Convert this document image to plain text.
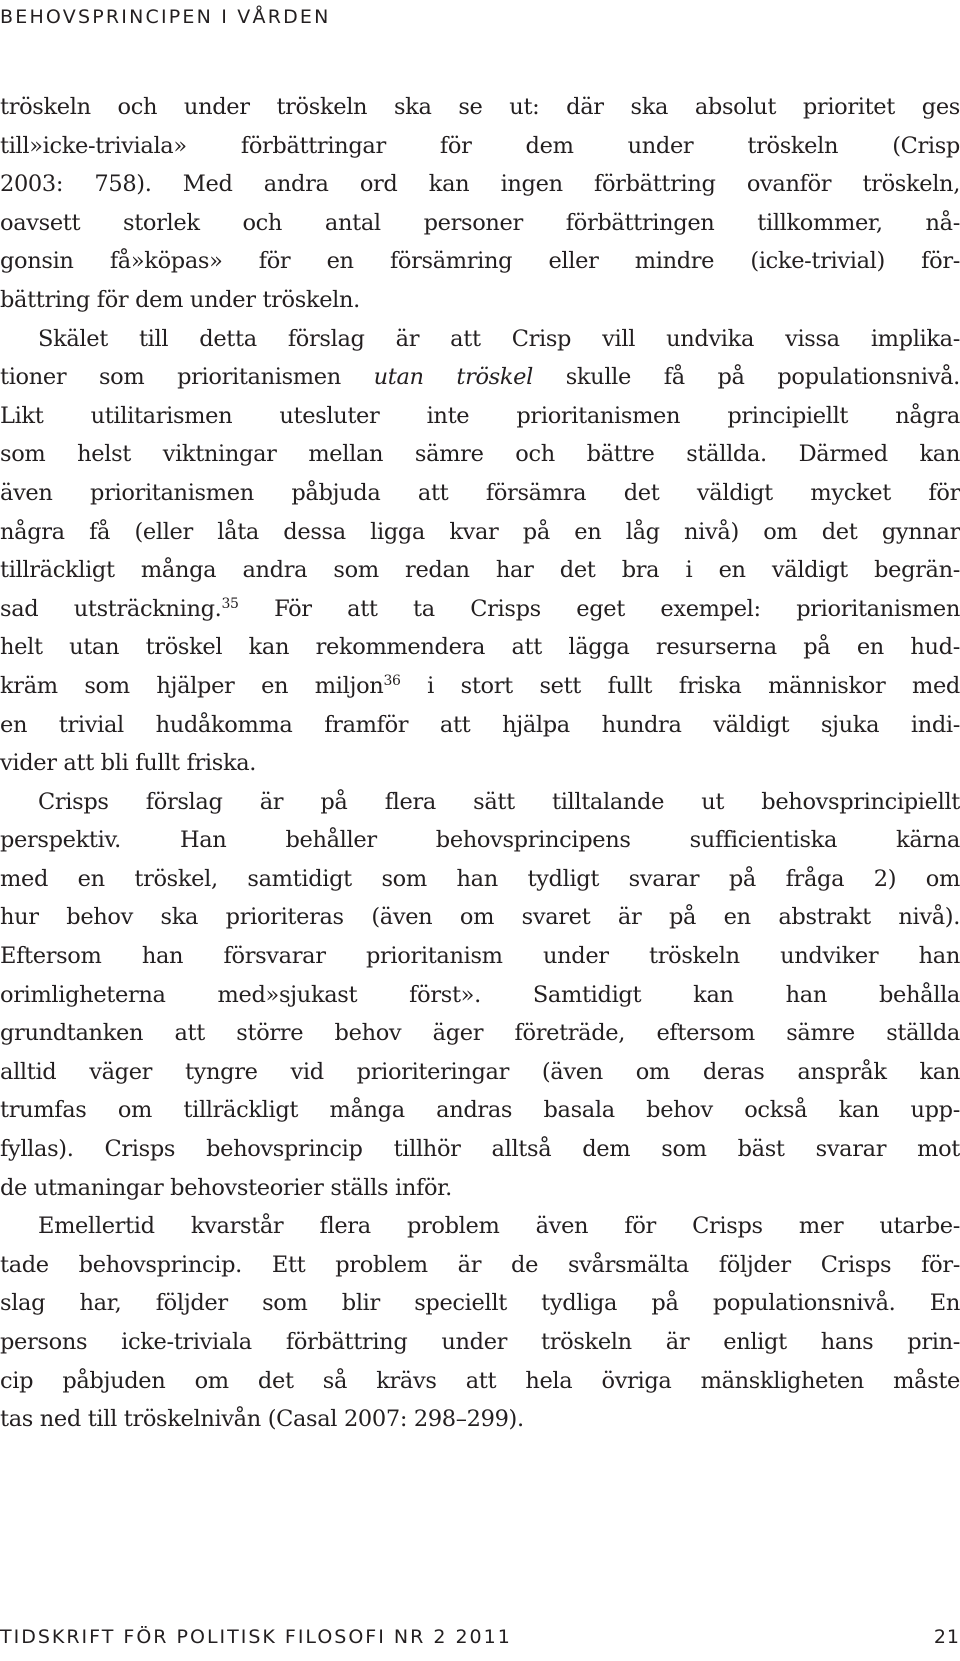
BEHOVSPRINCIPEN I VÅRDEN
tröskeln och under tröskeln ska se ut: där ska absolut prioritet ges
till»icke-triviala» förbättringar för dem under tröskeln (Crisp
2003: 758). Med andra ord kan ingen förbättring ovanför tröskeln,
oavsett storlek och antal personer förbättringen tillkommer, nå-
gonsin få»köpas» för en försämring eller mindre (icke-trivial) för-
bättring för dem under tröskeln.
Skälet till detta förslag är att Crisp vill undvika vissa implika-
tioner som prioritanismen utan tröskel skulle få på populationsnivå.
Likt utilitarismen utesluter inte prioritanismen principiellt några
som helst viktningar mellan sämre och bättre ställda. Därmed kan
även prioritanismen påbjuda att försämra det väldigt mycket för
några få (eller låta dessa ligga kvar på en låg nivå) om det gynnar
tillräckligt många andra som redan har det bra i en väldigt begrän-
sad utsträckning.$^{35}$ För att ta Crisps eget exempel: prioritanismen
helt utan tröskel kan rekommendera att lägga resurserna på en hud-
kräm som hjälper en miljon$^{36}$ i stort sett fullt friska människor med
en trivial hudåkomma framför att hjälpa hundra väldigt sjuka indi-
vider att bli fullt friska.
Crisps förslag är på flera sätt tilltalande ut behovsprincipiellt
perspektiv. Han behåller behovsprincipens sufficientiska kärna
med en tröskel, samtidigt som han tydligt svarar på fråga 2) om
hur behov ska prioriteras (även om svaret är på en abstrakt nivå).
Eftersom han försvarar prioritanism under tröskeln undviker han
orimligheterna med»sjukast först». Samtidigt kan han behålla
grundtanken att större behov äger företräde, eftersom sämre ställda
alltid väger tyngre vid prioriteringar (även om deras anspråk kan
trumfas om tillräckligt många andras basala behov också kan upp-
fyllas). Crisps behovsprincip tillhör alltså dem som bäst svarar mot
de utmaningar behovsteorier ställs inför.
Emellertid kvarstår flera problem även för Crisps mer utarbe-
tade behovsprincip. Ett problem är de svårsmälta följder Crisps för-
slag har, följder som blir speciellt tydliga på populationsnivå. En
persons icke-triviala förbättring under tröskeln är enligt hans prin-
cip påbjuden om det så krävs att hela övriga mänskligheten måste
tas ned till tröskelnivån (Casal 2007: 298–299).
TIDSKRIFT FÖR POLITISK FILOSOFI NR 2 2011	21
